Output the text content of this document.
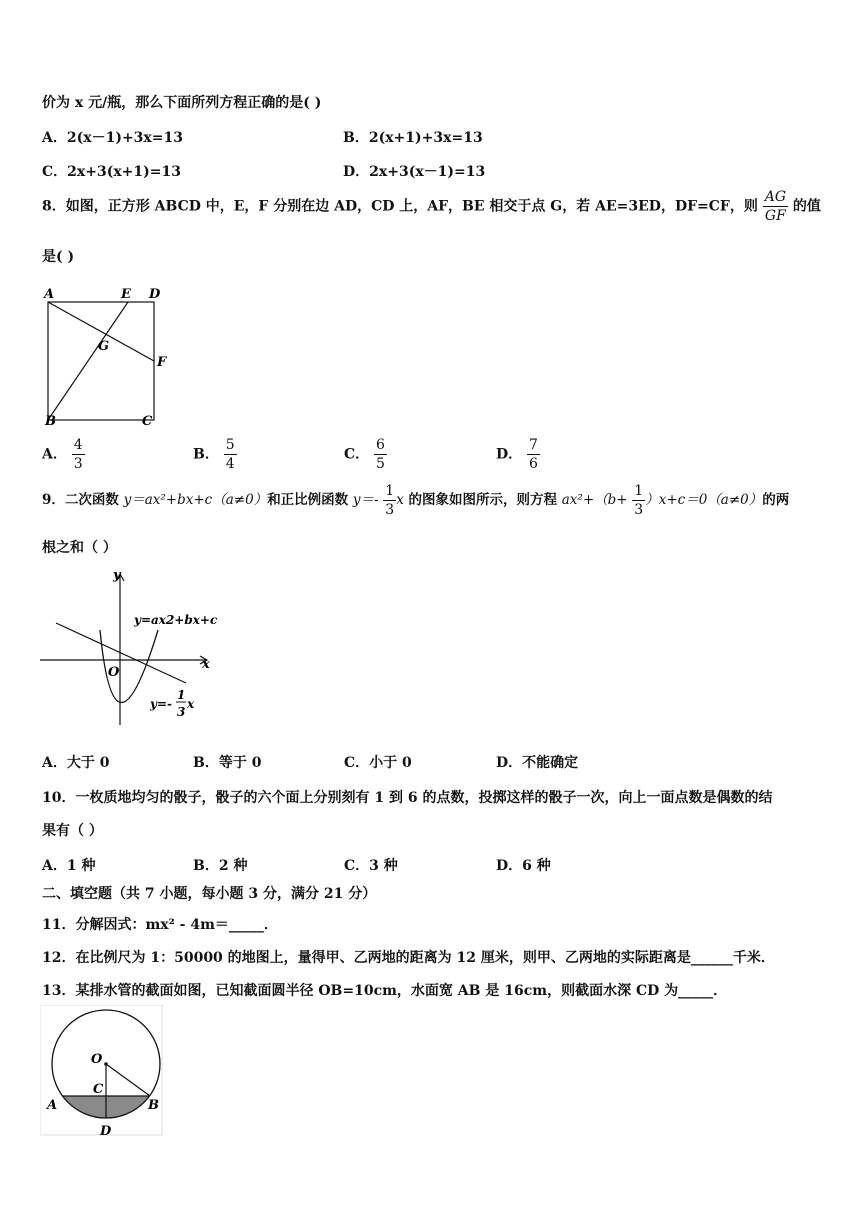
价为 x 元/瓶，那么下面所列方程正确的是( )
A．2(x－1)+3x=13	B．2(x+1)+3x=13
C．2x+3(x+1)=13	D．2x+3(x－1)=13
8．如图，正方形 ABCD 中，E，F 分别在边 AD，CD 上，AF，BE 相交于点 G，若 AE=3ED，DF=CF，则 $\frac{AG}{GF}$ 的值
是( )
A	E D
G
F
B	C
A． $\frac{4}{3}$	B． $\frac{5}{4}$	C． $\frac{6}{5}$	D． $\frac{7}{6}$
9．二次函数 y＝ax²+bx+c（a≠0）和正比例函数 $y=- \frac{1}{3}$ x 的图象如图所示，则方程 $ax^2+(b+ \frac{1}{3} )x+c=0(a\ne 0)$的两
根之和（ ）
y
x
O
y=ax2+bx+c
y=-
1
3
x
A．大于 0	B．等于 0	C．小于 0	D．不能确定
10．一枚质地均匀的骰子，骰子的六个面上分别刻有 1 到 6 的点数，投掷这样的骰子一次，向上一面点数是偶数的结
果有（ ）
A．1 种	B．2 种	C．3 种	D．6 种
二、填空题（共 7 小题，每小题 3 分，满分 21 分）
11．分解因式：mx² - 4m＝_____．
12．在比例尺为 1：50000 的地图上，量得甲、乙两地的距离为 12 厘米，则甲、乙两地的实际距离是______千米．
13．某排水管的截面如图，已知截面圆半径 OB=10cm，水面宽 AB 是 16cm，则截面水深 CD 为_____．
O
C
A	B
D
